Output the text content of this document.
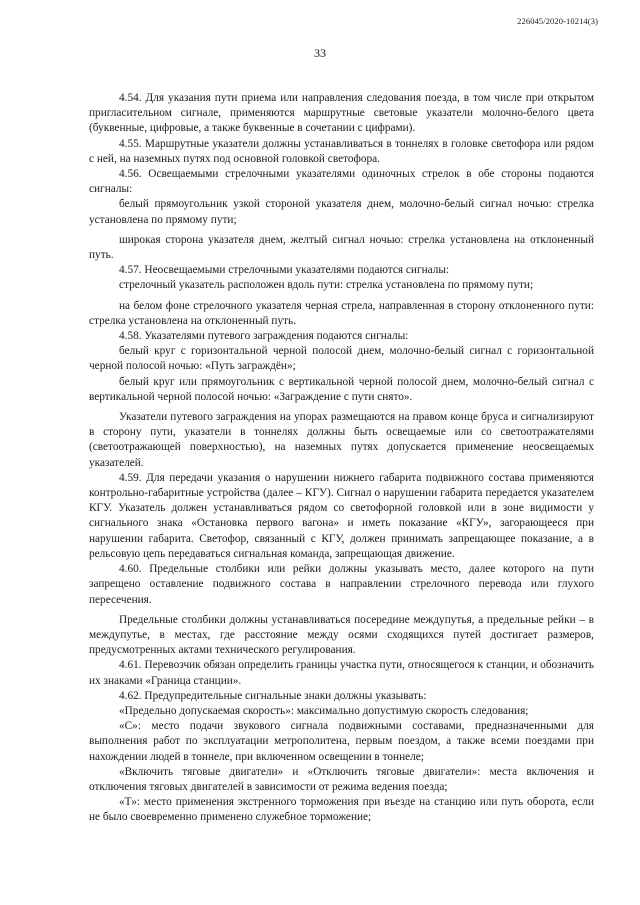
226045/2020-10214(3)
33

4.54. Для указания пути приема или направления следования поезда, в том числе при открытом пригласительном сигнале, применяются маршрутные световые указатели молочно-белого цвета (буквенные, цифровые, а также буквенные в сочетании с цифрами).

4.55. Маршрутные указатели должны устанавливаться в тоннелях в головке светофора или рядом с ней, на наземных путях под основной головкой светофора.

4.56. Освещаемыми стрелочными указателями одиночных стрелок в обе стороны подаются сигналы:

белый прямоугольник узкой стороной указателя днем, молочно-белый сигнал ночью: стрелка установлена по прямому пути;

широкая сторона указателя днем, желтый сигнал ночью: стрелка установлена на отклоненный путь.

4.57. Неосвещаемыми стрелочными указателями подаются сигналы:

стрелочный указатель расположен вдоль пути: стрелка установлена по прямому пути;

на белом фоне стрелочного указателя черная стрела, направленная в сторону отклоненного пути: стрелка установлена на отклоненный путь.

4.58. Указателями путевого заграждения подаются сигналы:

белый круг с горизонтальной черной полосой днем, молочно-белый сигнал с горизонтальной черной полосой ночью: «Путь заграждён»;

белый круг или прямоугольник с вертикальной черной полосой днем, молочно-белый сигнал с вертикальной черной полосой ночью: «Заграждение с пути снято».

Указатели путевого заграждения на упорах размещаются на правом конце бруса и сигнализируют в сторону пути, указатели в тоннелях должны быть освещаемые или со светоотражателями (светоотражающей поверхностью), на наземных путях допускается применение неосвещаемых указателей.

4.59. Для передачи указания о нарушении нижнего габарита подвижного состава применяются контрольно-габаритные устройства (далее – КГУ). Сигнал о нарушении габарита передается указателем КГУ. Указатель должен устанавливаться рядом со светофорной головкой или в зоне видимости у сигнального знака «Остановка первого вагона» и иметь показание «КГУ», загорающееся при нарушении габарита. Светофор, связанный с КГУ, должен принимать запрещающее показание, а в рельсовую цепь передаваться сигнальная команда, запрещающая движение.

4.60. Предельные столбики или рейки должны указывать место, далее которого на пути запрещено оставление подвижного состава в направлении стрелочного перевода или глухого пересечения.

Предельные столбики должны устанавливаться посередине междупутья, а предельные рейки – в междупутье, в местах, где расстояние между осями сходящихся путей достигает размеров, предусмотренных актами технического регулирования.

4.61. Перевозчик обязан определить границы участка пути, относящегося к станции, и обозначить их знаками «Граница станции».

4.62. Предупредительные сигнальные знаки должны указывать:

«Предельно допускаемая скорость»: максимально допустимую скорость следования;

«С»: место подачи звукового сигнала подвижными составами, предназначенными для выполнения работ по эксплуатации метрополитена, первым поездом, а также всеми поездами при нахождении людей в тоннеле, при включенном освещении в тоннеле;

«Включить тяговые двигатели» и «Отключить тяговые двигатели»: места включения и отключения тяговых двигателей в зависимости от режима ведения поезда;

«Т»: место применения экстренного торможения при въезде на станцию или путь оборота, если не было своевременно применено служебное торможение;
